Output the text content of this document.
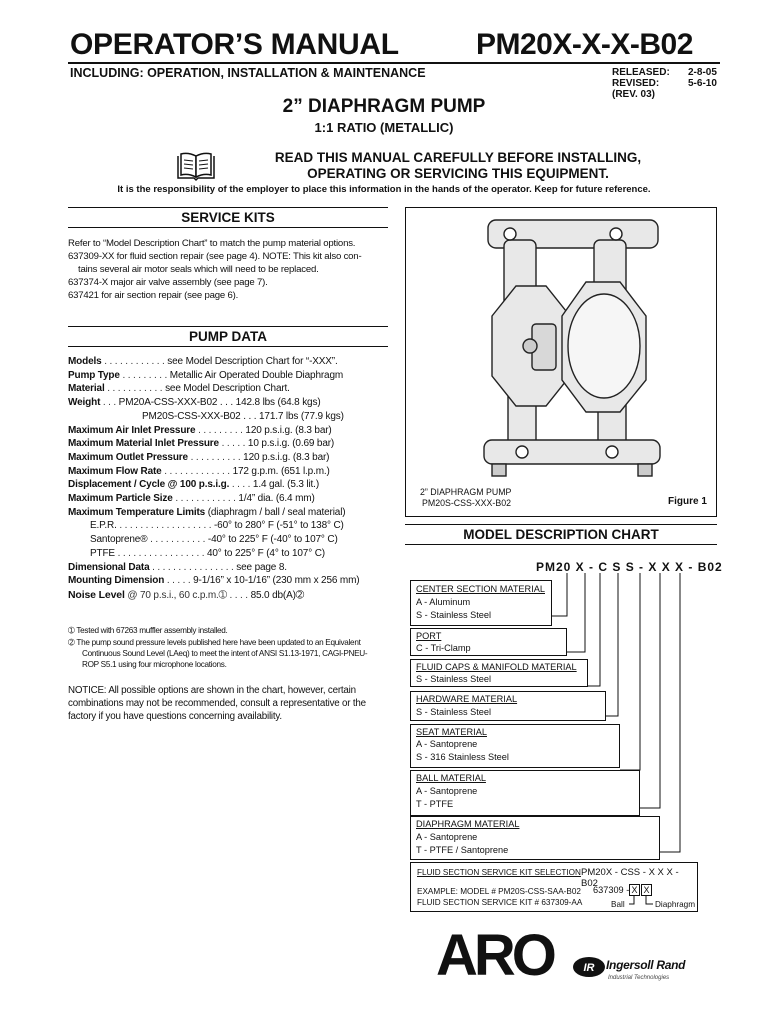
OPERATOR’S MANUAL	PM20X-X-X-B02
INCLUDING: OPERATION, INSTALLATION & MAINTENANCE	RELEASED: 2-8-05
REVISED:	5-6-10
(REV. 03)
2” DIAPHRAGM PUMP
1:1 RATIO (METALLIC)
READ THIS MANUAL CAREFULLY BEFORE INSTALLING,
OPERATING OR SERVICING THIS EQUIPMENT.
It is the responsibility of the employer to place this information in the hands of the operator. Keep for future reference.
SERVICE KITS
Refer to “Model Description Chart” to match the pump material options.
637309-XX for fluid section repair (see page 4). NOTE: This kit also con-
tains several air motor seals which will need to be replaced.
637374-X major air valve assembly (see page 7).
637421 for air section repair (see page 6).
PUMP DATA
Models . . . . . . . . . . . . see Model Description Chart for “-XXX”.
Pump Type . . . . . . . . . Metallic Air Operated Double Diaphragm
Material . . . . . . . . . . . see Model Description Chart.
Weight . . . PM20A-CSS-XXX-B02 . . . 142.8 lbs (64.8 kgs)
PM20S-CSS-XXX-B02 . . . 171.7 lbs (77.9 kgs)
Maximum Air Inlet Pressure . . . . . . . . . 120 p.s.i.g. (8.3 bar)
Maximum Material Inlet Pressure . . . . . 10 p.s.i.g. (0.69 bar)
Maximum Outlet Pressure . . . . . . . . . . 120 p.s.i.g. (8.3 bar)
Maximum Flow Rate . . . . . . . . . . . . . 172 g.p.m. (651 l.p.m.)
Displacement / Cycle @ 100 p.s.i.g. . . . . 1.4 gal. (5.3 lit.)
Maximum Particle Size . . . . . . . . . . . . 1/4” dia. (6.4 mm)
Maximum Temperature Limits (diaphragm / ball / seal material)
E.P.R. . . . . . . . . . . . . . . . . . . -60° to 280° F (-51° to 138° C)
Santoprene® . . . . . . . . . . . -40° to 225° F (-40° to 107° C)
PTFE . . . . . . . . . . . . . . . . . 40° to 225° F (4° to 107° C)
Dimensional Data . . . . . . . . . . . . . . . . see page 8.
Mounting Dimension . . . . . 9-1/16” x 10-1/16” (230 mm x 256 mm)
Noise Level @ 70 p.s.i., 60 c.p.m.➀ . . . . 85.0 db(A)➁
➀ Tested with 67263 muffler assembly installed.
➁ The pump sound pressure levels published here have been updated to an Equivalent
Continuous Sound Level (LAeq) to meet the intent of ANSI S1.13-1971, CAGI-PNEU-
ROP S5.1 using four microphone locations.
NOTICE: All possible options are shown in the chart, however, certain combinations may not be recommended, consult a representative or the factory if you have questions concerning availability.
2” DIAPHRAGM PUMP
PM20S-CSS-XXX-B02	Figure 1
MODEL DESCRIPTION CHART
PM20 X - C S S - X X X - B02
CENTER SECTION MATERIAL
A - Aluminum
S - Stainless Steel
PORT
C - Tri-Clamp
FLUID CAPS & MANIFOLD MATERIAL
S - Stainless Steel
HARDWARE MATERIAL
S - Stainless Steel
SEAT MATERIAL
A - Santoprene
S - 316 Stainless Steel
BALL MATERIAL
A - Santoprene
T - PTFE
DIAPHRAGM MATERIAL
A - Santoprene
T - PTFE / Santoprene
FLUID SECTION SERVICE KIT SELECTION PM20X - CSS - X X X - B02
EXAMPLE: MODEL # PM20S-CSS-SAA-B02
FLUID SECTION SERVICE KIT # 637309-AA
637309 - X X
Ball	Diaphragm
ARO	IR Ingersoll Rand
Industrial Technologies
